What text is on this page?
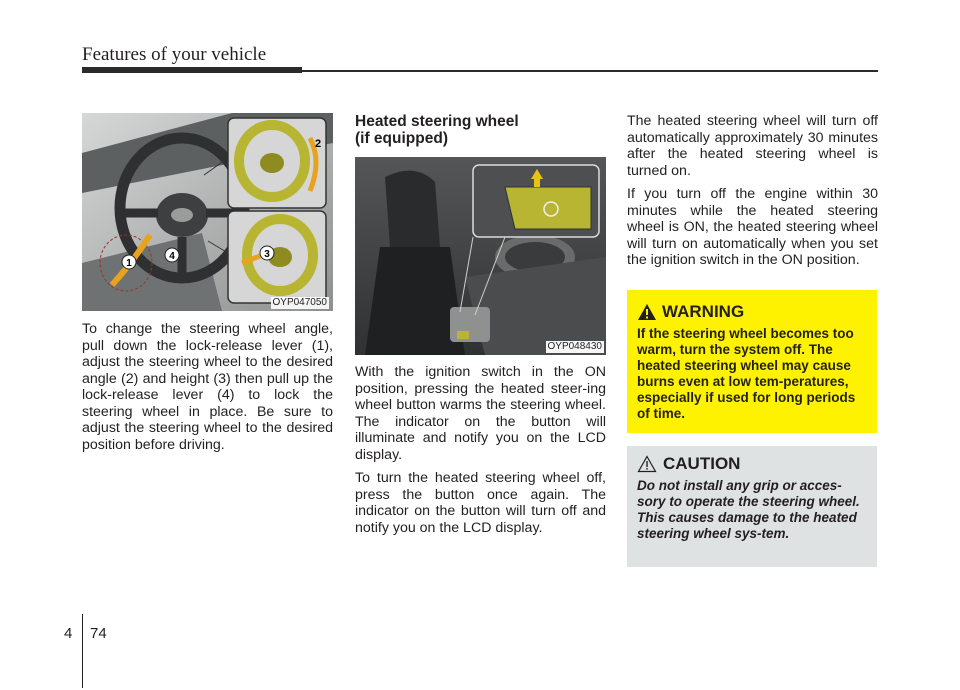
Features of your vehicle
1
4
2
3
OYP047050

To change the steering wheel angle, pull down the lock-release lever (1), adjust the steering wheel to the desired angle (2) and height (3) then pull up the lock-release lever (4) to lock the steering wheel in place. Be sure to adjust the steering wheel to the desired position before driving.

Heated steering wheel
(if equipped)
OYP048430

With the ignition switch in the ON position, pressing the heated steer-ing wheel button warms the steering wheel. The indicator on the button will illuminate and notify you on the LCD display.

To turn the heated steering wheel off, press the button once again. The indicator on the button will turn off and notify you on the LCD display.

The heated steering wheel will turn off automatically approximately 30 minutes after the heated steering wheel is turned on.

If you turn off the engine within 30 minutes while the heated steering wheel is ON, the heated steering wheel will turn on automatically when you set the ignition switch in the ON position.

WARNING

If the steering wheel becomes too warm, turn the system off. The heated steering wheel may cause burns even at low tem-peratures, especially if used for long periods of time.

CAUTION

Do not install any grip or acces-sory to operate the steering wheel. This causes damage to the heated steering wheel sys-tem.

4 74
